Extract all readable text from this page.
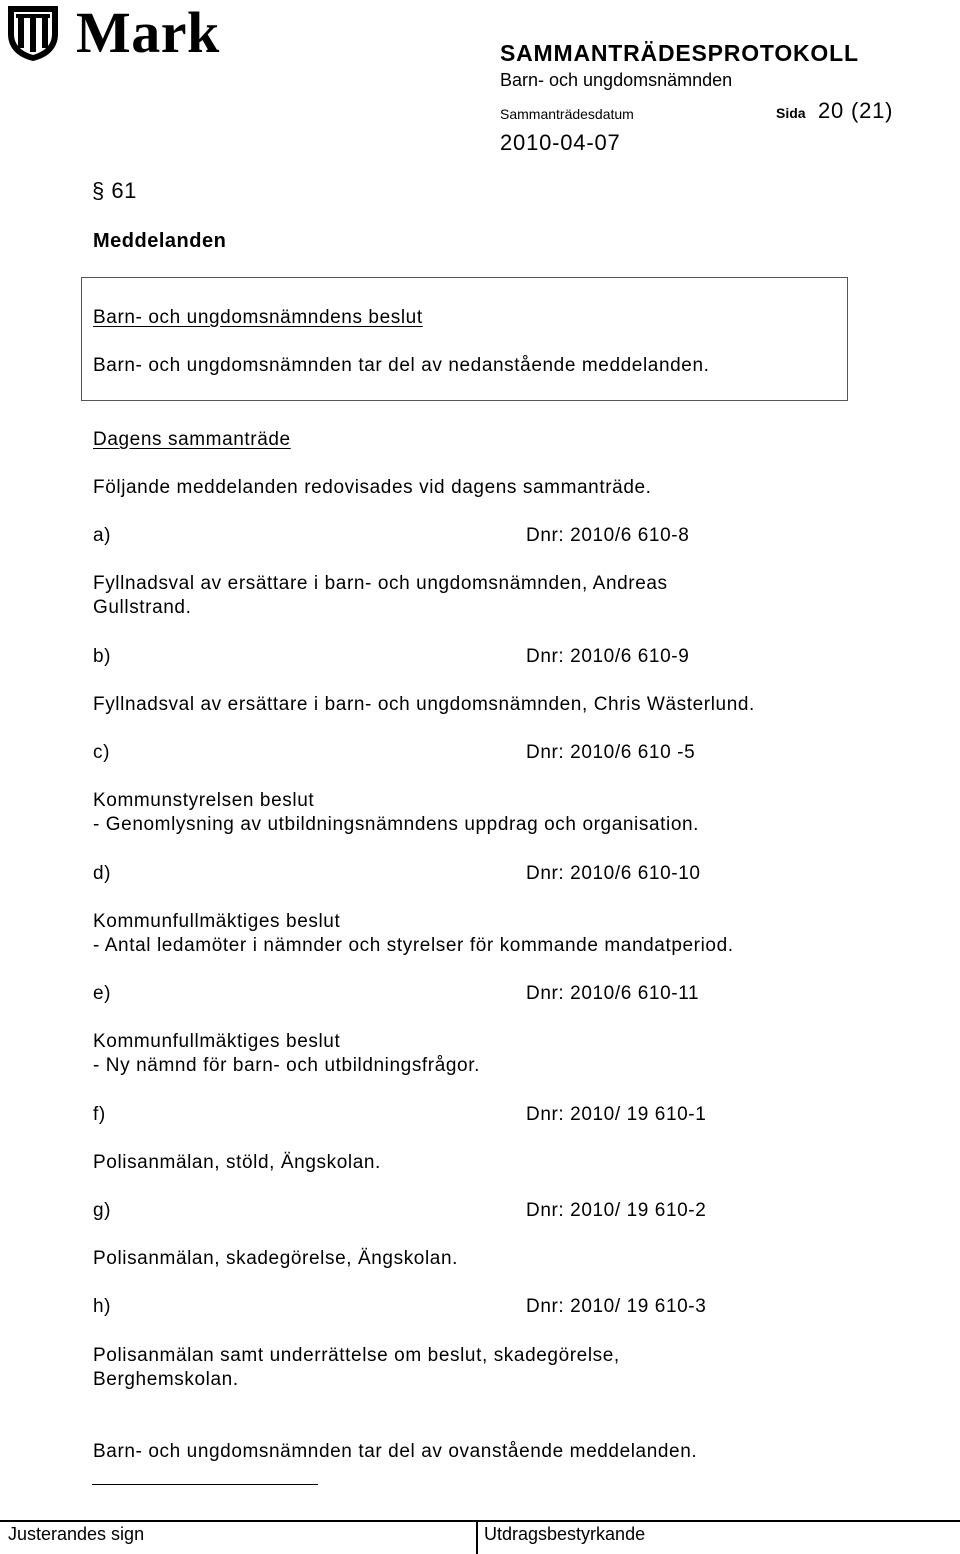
Mark	SAMMANTRÄDESPROTOKOLL
Barn- och ungdomsnämnden
Sammanträdesdatum	Sida 20 (21)
2010-04-07
§ 61
Meddelanden
Barn- och ungdomsnämndens beslut
Barn- och ungdomsnämnden tar del av nedanstående meddelanden.
Dagens sammanträde
Följande meddelanden redovisades vid dagens sammanträde.
a)	Dnr: 2010/6 610-8
Fyllnadsval av ersättare i barn- och ungdomsnämnden, Andreas
Gullstrand.
b)	Dnr: 2010/6 610-9
Fyllnadsval av ersättare i barn- och ungdomsnämnden, Chris Wästerlund.
c)	Dnr: 2010/6 610 -5
Kommunstyrelsen beslut
- Genomlysning av utbildningsnämndens uppdrag och organisation.
d)	Dnr: 2010/6 610-10
Kommunfullmäktiges beslut
- Antal ledamöter i nämnder och styrelser för kommande mandatperiod.
e)	Dnr: 2010/6 610-11
Kommunfullmäktiges beslut
- Ny nämnd för barn- och utbildningsfrågor.
f)	Dnr: 2010/ 19 610-1
Polisanmälan, stöld, Ängskolan.
g)	Dnr: 2010/ 19 610-2
Polisanmälan, skadegörelse, Ängskolan.
h)	Dnr: 2010/ 19 610-3
Polisanmälan samt underrättelse om beslut, skadegörelse,
Berghemskolan.
Barn- och ungdomsnämnden tar del av ovanstående meddelanden.
Justerandes sign	Utdragsbestyrkande
